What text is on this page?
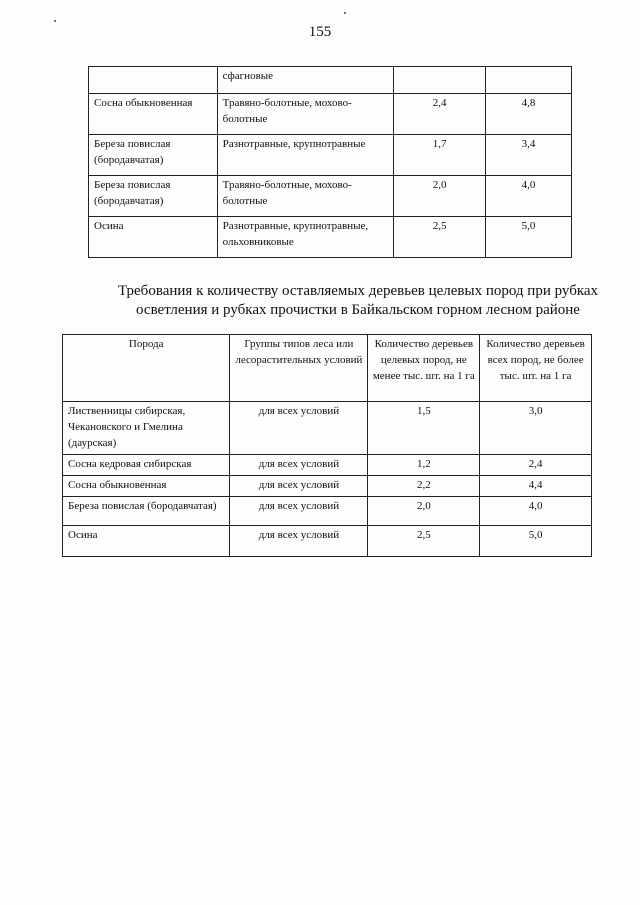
155
	сфагновые		
Сосна обыкновенная	Травяно-болотные, мохово-болотные	2,4	4,8
Береза повислая (бородавчатая)	Разнотравные, крупнотравные	1,7	3,4
Береза повислая (бородавчатая)	Травяно-болотные, мохово-болотные	2,0	4,0
Осина	Разнотравные, крупнотравные, ольховниковые	2,5	5,0
Требования к количеству оставляемых деревьев целевых пород при рубках осветления и рубках прочистки в Байкальском горном лесном районе
Порода	Группы типов леса или лесорастительных условий	Количество деревьев целевых пород, не менее тыс. шт. на 1 га	Количество деревьев всех пород, не более тыс. шт. на 1 га
Лиственницы сибирская, Чекановского и Гмелина (даурская)	для всех условий	1,5	3,0
Сосна кедровая сибирская	для всех условий	1,2	2,4
Сосна обыкновенная	для всех условий	2,2	4,4
Береза повислая (бородавчатая)	для всех условий	2,0	4,0
Осина	для всех условий	2,5	5,0
